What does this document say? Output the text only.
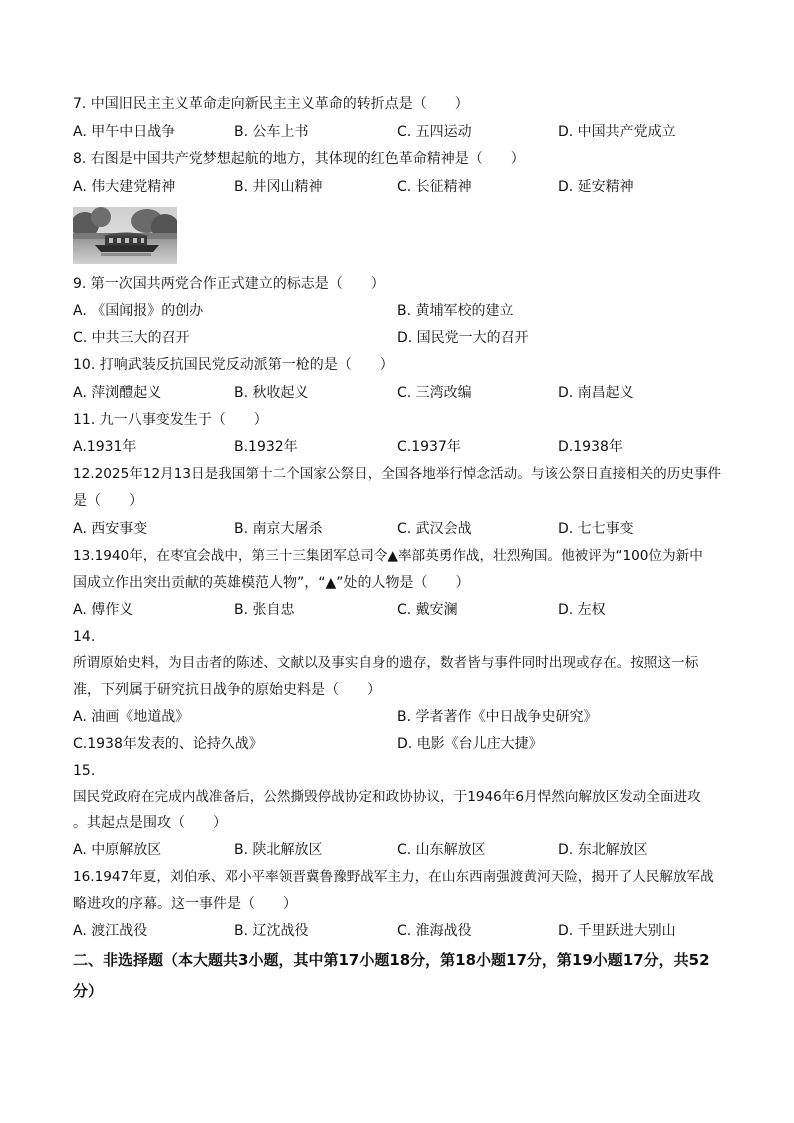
7. 中国旧民主主义革命走向新民主主义革命的转折点是（　　）
A. 甲午中日战争	B. 公车上书	C. 五四运动	D. 中国共产党成立
8. 右图是中国共产党梦想起航的地方，其体现的红色革命精神是（　　）
A. 伟大建党精神	B. 井冈山精神	C. 长征精神	D. 延安精神
9. 第一次国共两党合作正式建立的标志是（　　）
A. 《国闻报》的创办	B. 黄埔军校的建立
C. 中共三大的召开	D. 国民党一大的召开
10. 打响武装反抗国民党反动派第一枪的是（　　）
A. 萍浏醴起义	B. 秋收起义	C. 三湾改编	D. 南昌起义
11. 九一八事变发生于（　　）
A.1931年	B.1932年	C.1937年	D.1938年
12.2025年12月13日是我国第十二个国家公祭日，全国各地举行悼念活动。与该公祭日直接相关的历史事件
是（　　）
A. 西安事变	B. 南京大屠杀	C. 武汉会战	D. 七七事变
13.1940年，在枣宜会战中，第三十三集团军总司令▲率部英勇作战，壮烈殉国。他被评为“100位为新中
国成立作出突出贡献的英雄模范人物”，“▲”处的人物是（　　）
A. 傅作义	B. 张自忠	C. 戴安澜	D. 左权
14.
所谓原始史料，为目击者的陈述、文献以及事实自身的遗存，数者皆与事件同时出现或存在。按照这一标
准，下列属于研究抗日战争的原始史料是（　　）
A. 油画《地道战》	B. 学者著作《中日战争史研究》
C.1938年发表的、论持久战》	D. 电影《台儿庄大捷》
15.
国民党政府在完成内战准备后，公然撕毁停战协定和政协协议，于1946年6月悍然向解放区发动全面进攻
。其起点是围攻（　　）
A. 中原解放区	B. 陕北解放区	C. 山东解放区	D. 东北解放区
16.1947年夏，刘伯承、邓小平率领晋冀鲁豫野战军主力，在山东西南强渡黄河天险，揭开了人民解放军战
略进攻的序幕。这一事件是（　　）
A. 渡江战役	B. 辽沈战役	C. 淮海战役	D. 千里跃进大别山
二、非选择题（本大题共3小题，其中第17小题18分，第18小题17分，第19小题17分，共52
分）
